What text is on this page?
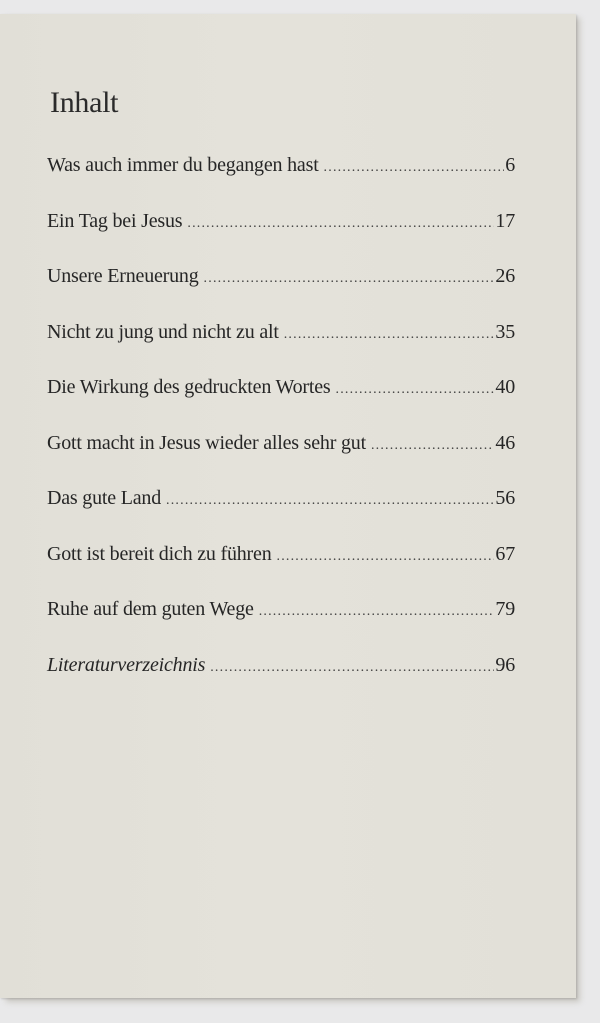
Inhalt
Was auch immer du begangen hast .....	6
Ein Tag bei Jesus .....	17
Unsere Erneuerung .....	26
Nicht zu jung und nicht zu alt .....	35
Die Wirkung des gedruckten Wortes .....	40
Gott macht in Jesus wieder alles sehr gut .....	46
Das gute Land .....	56
Gott ist bereit dich zu führen .....	67
Ruhe auf dem guten Wege .....	79
Literaturverzeichnis .....	96
